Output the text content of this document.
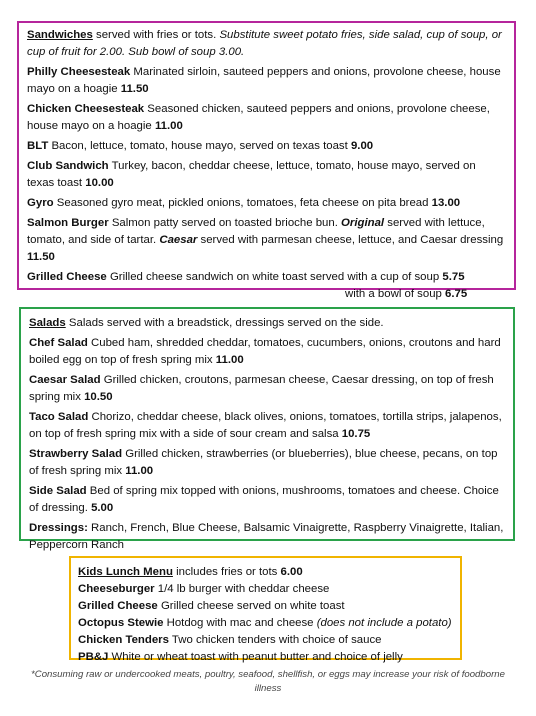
Sandwiches served with fries or tots. Substitute sweet potato fries, side salad, cup of soup, or cup of fruit for 2.00. Sub bowl of soup 3.00.
Philly Cheesesteak Marinated sirloin, sauteed peppers and onions, provolone cheese, house mayo on a hoagie 11.50
Chicken Cheesesteak Seasoned chicken, sauteed peppers and onions, provolone cheese, house mayo on a hoagie 11.00
BLT Bacon, lettuce, tomato, house mayo, served on texas toast 9.00
Club Sandwich Turkey, bacon, cheddar cheese, lettuce, tomato, house mayo, served on texas toast 10.00
Gyro Seasoned gyro meat, pickled onions, tomatoes, feta cheese on pita bread 13.00
Salmon Burger Salmon patty served on toasted brioche bun. Original served with lettuce, tomato, and side of tartar. Caesar served with parmesan cheese, lettuce, and Caesar dressing 11.50
Grilled Cheese Grilled cheese sandwich on white toast served with a cup of soup 5.75
with a bowl of soup 6.75
Salads Salads served with a breadstick, dressings served on the side.
Chef Salad Cubed ham, shredded cheddar, tomatoes, cucumbers, onions, croutons and hard boiled egg on top of fresh spring mix 11.00
Caesar Salad Grilled chicken, croutons, parmesan cheese, Caesar dressing, on top of fresh spring mix 10.50
Taco Salad Chorizo, cheddar cheese, black olives, onions, tomatoes, tortilla strips, jalapenos, on top of fresh spring mix with a side of sour cream and salsa 10.75
Strawberry Salad Grilled chicken, strawberries (or blueberries), blue cheese, pecans, on top of fresh spring mix 11.00
Side Salad Bed of spring mix topped with onions, mushrooms, tomatoes and cheese. Choice of dressing. 5.00
Dressings: Ranch, French, Blue Cheese, Balsamic Vinaigrette, Raspberry Vinaigrette, Italian, Peppercorn Ranch
Kids Lunch Menu includes fries or tots 6.00
Cheeseburger 1/4 lb burger with cheddar cheese
Grilled Cheese Grilled cheese served on white toast
Octopus Stewie Hotdog with mac and cheese (does not include a potato)
Chicken Tenders Two chicken tenders with choice of sauce
PB&J White or wheat toast with peanut butter and choice of jelly
*Consuming raw or undercooked meats, poultry, seafood, shellfish, or eggs may increase your risk of foodborne illness
